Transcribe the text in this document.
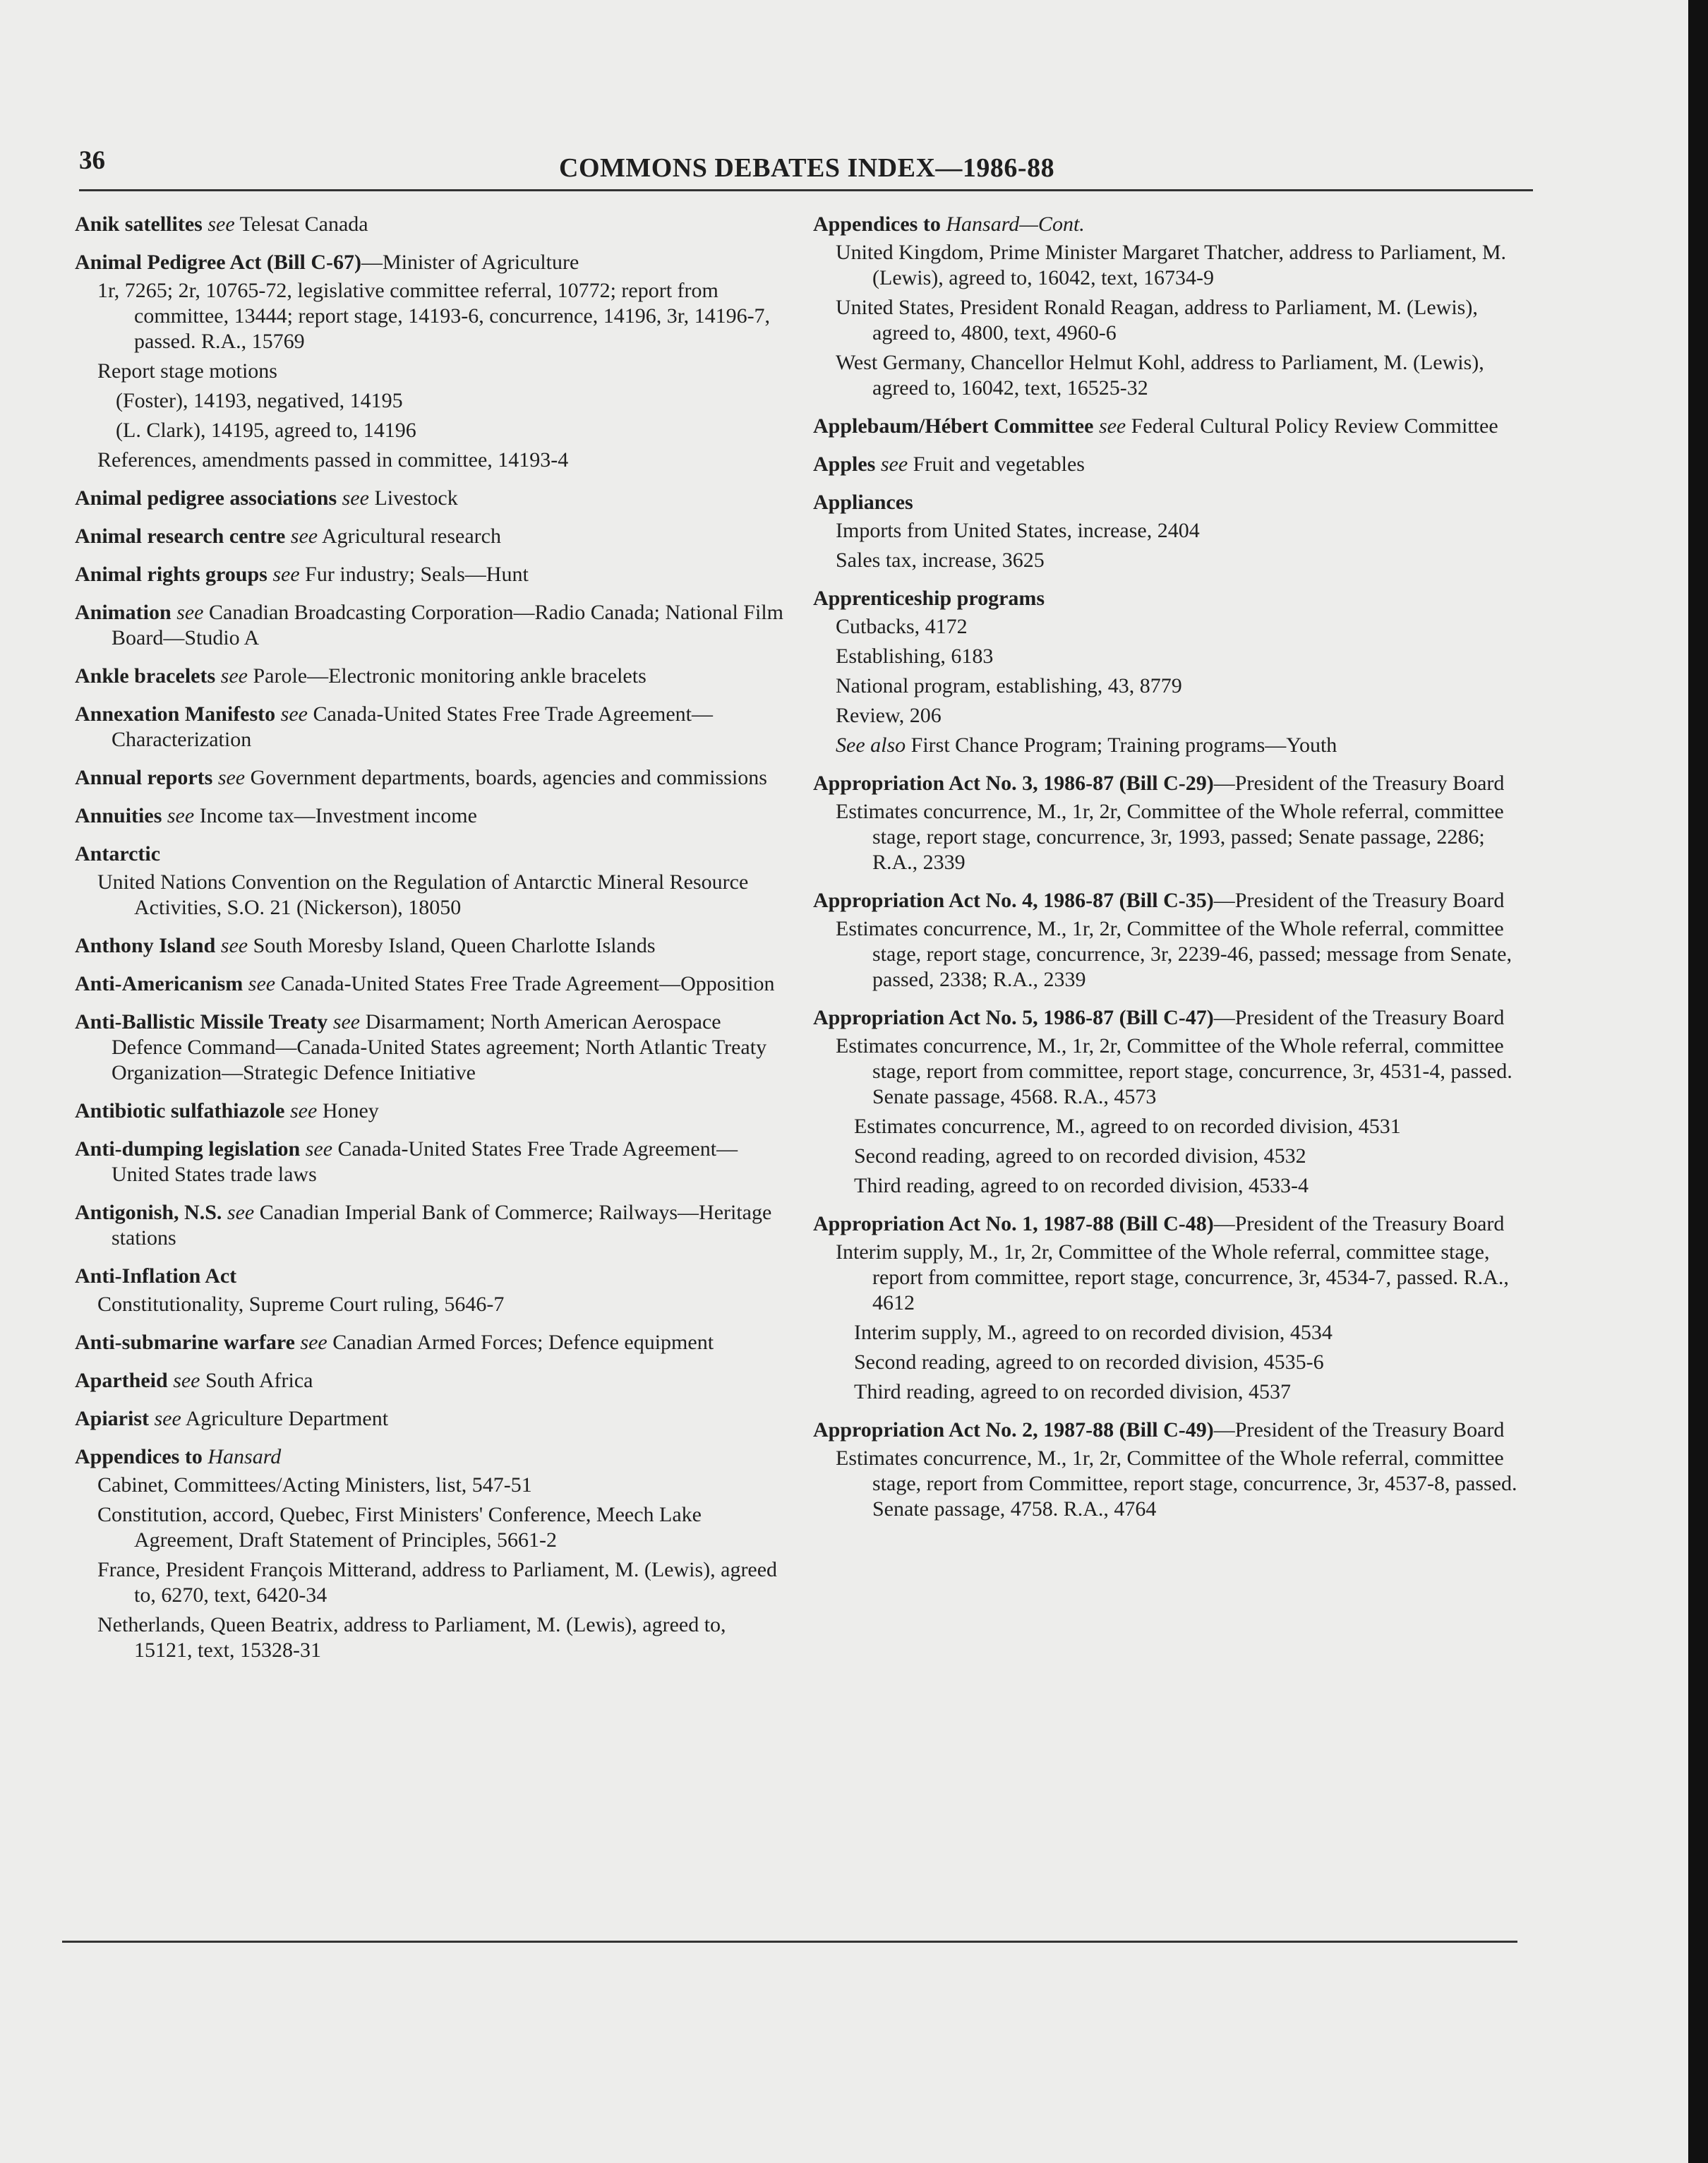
36	COMMONS DEBATES INDEX—1986-88
Anik satellites see Telesat Canada
Animal Pedigree Act (Bill C-67)—Minister of Agriculture
1r, 7265; 2r, 10765-72, legislative committee referral, 10772; report from committee, 13444; report stage, 14193-6, concurrence, 14196, 3r, 14196-7, passed. R.A., 15769
Report stage motions
(Foster), 14193, negatived, 14195
(L. Clark), 14195, agreed to, 14196
References, amendments passed in committee, 14193-4
Animal pedigree associations see Livestock
Animal research centre see Agricultural research
Animal rights groups see Fur industry; Seals—Hunt
Animation see Canadian Broadcasting Corporation—Radio Canada; National Film Board—Studio A
Ankle bracelets see Parole—Electronic monitoring ankle bracelets
Annexation Manifesto see Canada-United States Free Trade Agreement—Characterization
Annual reports see Government departments, boards, agencies and commissions
Annuities see Income tax—Investment income
Antarctic
United Nations Convention on the Regulation of Antarctic Mineral Resource Activities, S.O. 21 (Nickerson), 18050
Anthony Island see South Moresby Island, Queen Charlotte Islands
Anti-Americanism see Canada-United States Free Trade Agreement—Opposition
Anti-Ballistic Missile Treaty see Disarmament; North American Aerospace Defence Command—Canada-United States agreement; North Atlantic Treaty Organization—Strategic Defence Initiative
Antibiotic sulfathiazole see Honey
Anti-dumping legislation see Canada-United States Free Trade Agreement—United States trade laws
Antigonish, N.S. see Canadian Imperial Bank of Commerce; Railways—Heritage stations
Anti-Inflation Act
Constitutionality, Supreme Court ruling, 5646-7
Anti-submarine warfare see Canadian Armed Forces; Defence equipment
Apartheid see South Africa
Apiarist see Agriculture Department
Appendices to Hansard
Cabinet, Committees/Acting Ministers, list, 547-51
Constitution, accord, Quebec, First Ministers' Conference, Meech Lake Agreement, Draft Statement of Principles, 5661-2
France, President François Mitterand, address to Parliament, M. (Lewis), agreed to, 6270, text, 6420-34
Netherlands, Queen Beatrix, address to Parliament, M. (Lewis), agreed to, 15121, text, 15328-31
Appendices to Hansard—Cont.
United Kingdom, Prime Minister Margaret Thatcher, address to Parliament, M. (Lewis), agreed to, 16042, text, 16734-9
United States, President Ronald Reagan, address to Parliament, M. (Lewis), agreed to, 4800, text, 4960-6
West Germany, Chancellor Helmut Kohl, address to Parliament, M. (Lewis), agreed to, 16042, text, 16525-32
Applebaum/Hébert Committee see Federal Cultural Policy Review Committee
Apples see Fruit and vegetables
Appliances
Imports from United States, increase, 2404
Sales tax, increase, 3625
Apprenticeship programs
Cutbacks, 4172
Establishing, 6183
National program, establishing, 43, 8779
Review, 206
See also First Chance Program; Training programs—Youth
Appropriation Act No. 3, 1986-87 (Bill C-29)—President of the Treasury Board
Estimates concurrence, M., 1r, 2r, Committee of the Whole referral, committee stage, report stage, concurrence, 3r, 1993, passed; Senate passage, 2286; R.A., 2339
Appropriation Act No. 4, 1986-87 (Bill C-35)—President of the Treasury Board
Estimates concurrence, M., 1r, 2r, Committee of the Whole referral, committee stage, report stage, concurrence, 3r, 2239-46, passed; message from Senate, passed, 2338; R.A., 2339
Appropriation Act No. 5, 1986-87 (Bill C-47)—President of the Treasury Board
Estimates concurrence, M., 1r, 2r, Committee of the Whole referral, committee stage, report from committee, report stage, concurrence, 3r, 4531-4, passed. Senate passage, 4568. R.A., 4573
Estimates concurrence, M., agreed to on recorded division, 4531
Second reading, agreed to on recorded division, 4532
Third reading, agreed to on recorded division, 4533-4
Appropriation Act No. 1, 1987-88 (Bill C-48)—President of the Treasury Board
Interim supply, M., 1r, 2r, Committee of the Whole referral, committee stage, report from committee, report stage, concurrence, 3r, 4534-7, passed. R.A., 4612
Interim supply, M., agreed to on recorded division, 4534
Second reading, agreed to on recorded division, 4535-6
Third reading, agreed to on recorded division, 4537
Appropriation Act No. 2, 1987-88 (Bill C-49)—President of the Treasury Board
Estimates concurrence, M., 1r, 2r, Committee of the Whole referral, committee stage, report from Committee, report stage, concurrence, 3r, 4537-8, passed. Senate passage, 4758. R.A., 4764
